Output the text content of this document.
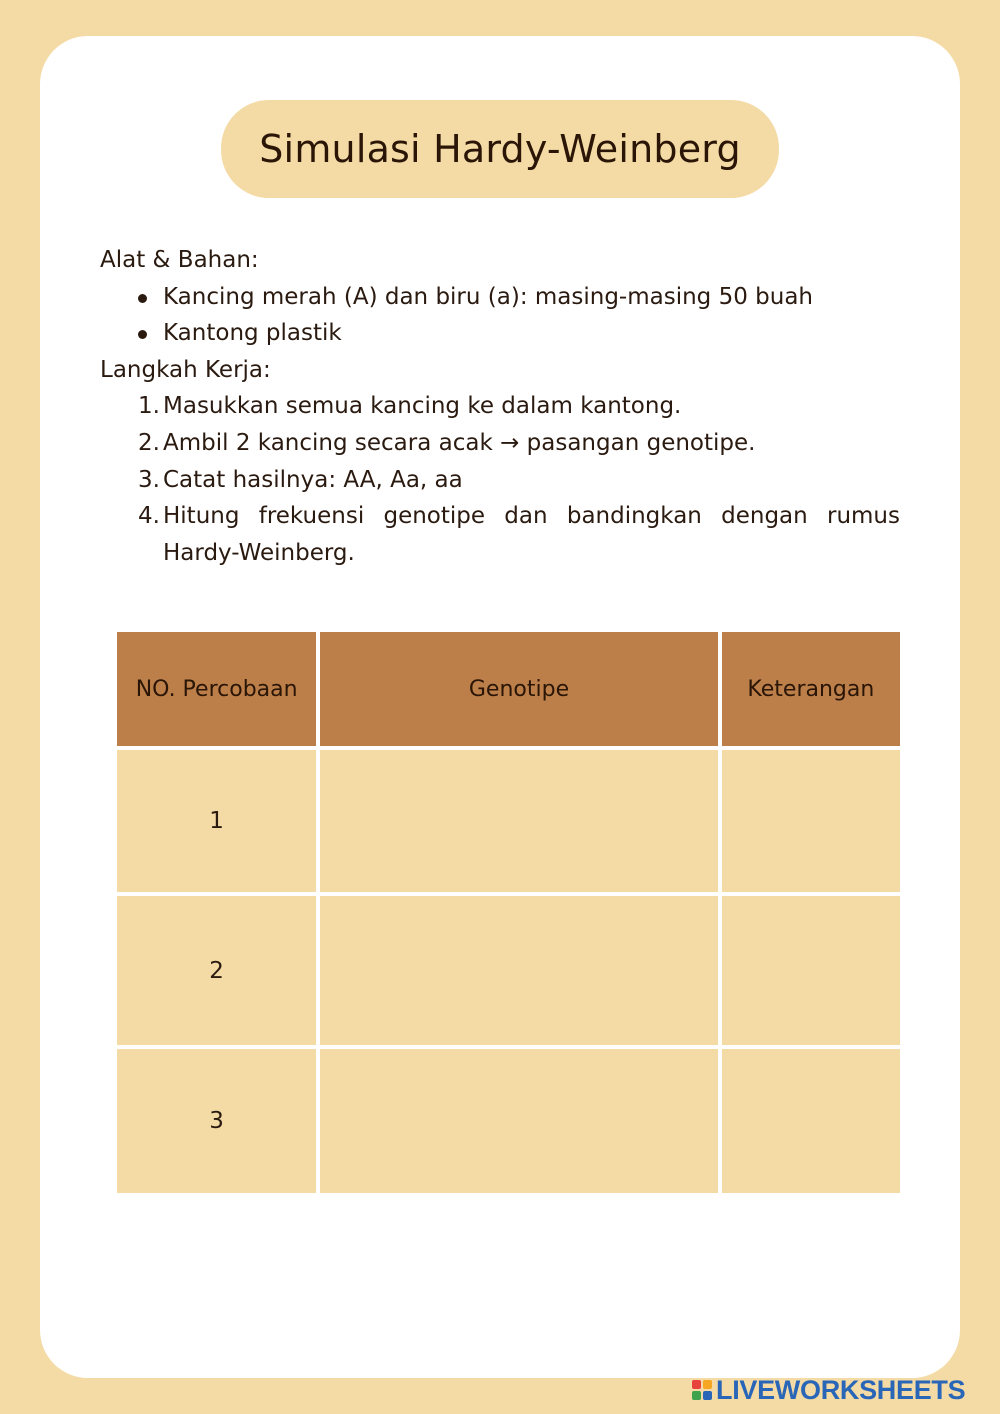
Simulasi Hardy-Weinberg
Alat & Bahan:
Kancing merah (A) dan biru (a): masing-masing 50 buah
Kantong plastik
Langkah Kerja:
1. Masukkan semua kancing ke dalam kantong.
2. Ambil 2 kancing secara acak → pasangan genotipe.
3. Catat hasilnya: AA, Aa, aa
4. Hitung frekuensi genotipe dan bandingkan dengan rumus Hardy-Weinberg.
NO. Percobaan	Genotipe	Keterangan
1		
2		
3		
LIVEWORKSHEETS
